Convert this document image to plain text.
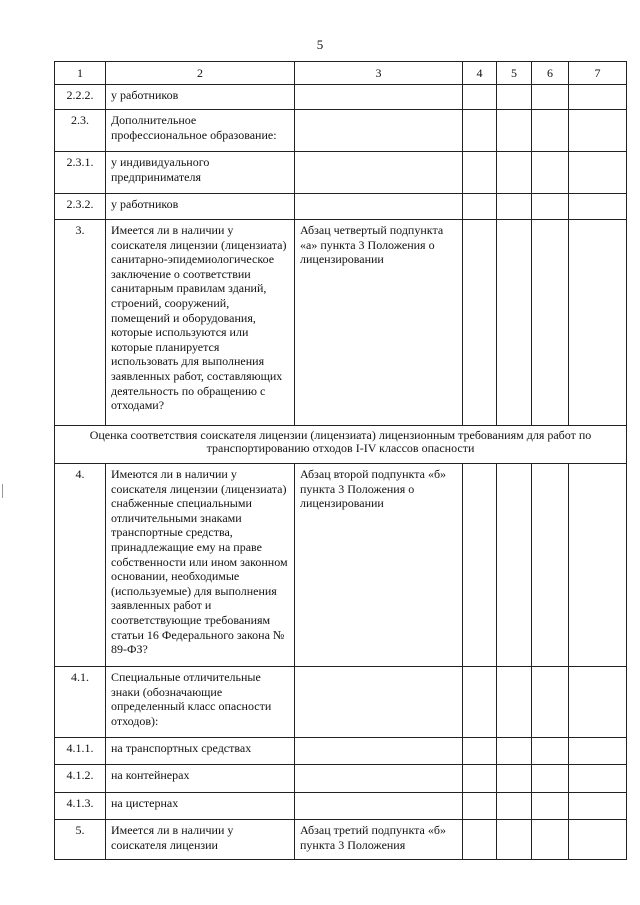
5
1	2	3	4	5	6	7
2.2.2.	у работников					
2.3.	Дополнительное профессиональное образование:					
2.3.1.	у индивидуального предпринимателя					
2.3.2.	у работников					
3.	Имеется ли в наличии у соискателя лицензии (лицензиата) санитарно-эпидемиологическое заключение о соответствии санитарным правилам зданий, строений, сооружений, помещений и оборудования, которые используются или которые планируется использовать для выполнения заявленных работ, составляющих деятельность по обращению с отходами?	Абзац четвертый подпункта «а» пункта 3 Положения о лицензировании				
Оценка соответствия соискателя лицензии (лицензиата) лицензионным требованиям для работ по транспортированию отходов I-IV классов опасности						
4.	Имеются ли в наличии у соискателя лицензии (лицензиата) снабженные специальными отличительными знаками транспортные средства, принадлежащие ему на праве собственности или ином законном основании, необходимые (используемые) для выполнения заявленных работ и соответствующие требованиям статьи 16 Федерального закона № 89-ФЗ?	Абзац второй подпункта «б» пункта 3 Положения о лицензировании				
4.1.	Специальные отличительные знаки (обозначающие определенный класс опасности отходов):					
4.1.1.	на транспортных средствах					
4.1.2.	на контейнерах					
4.1.3.	на цистернах					
5.	Имеется ли в наличии у соискателя лицензии	Абзац третий подпункта «б» пункта 3 Положения				
